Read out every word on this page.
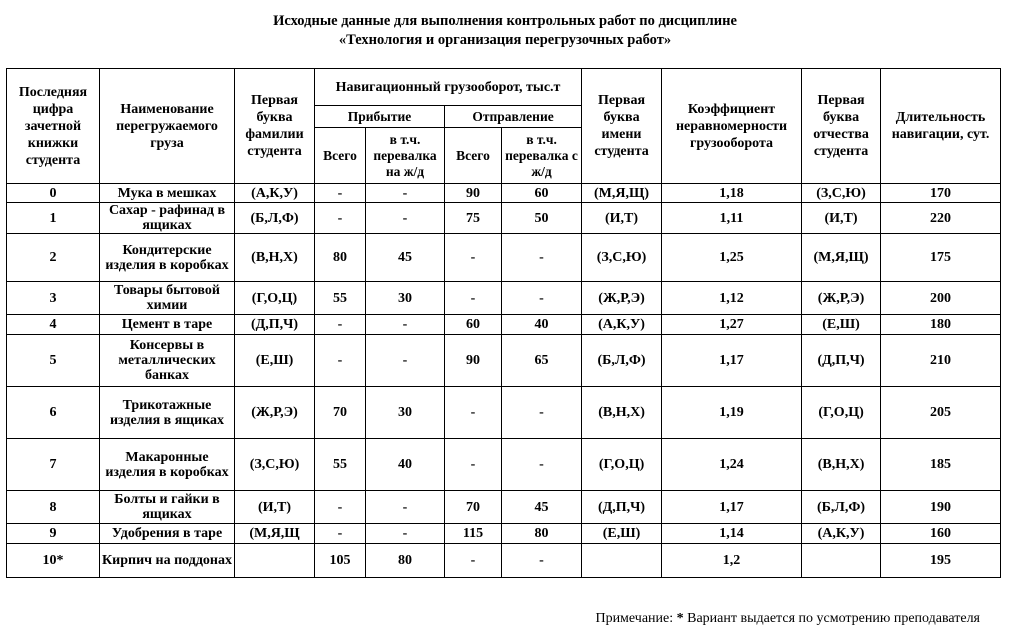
Исходные данные для выполнения контрольных работ по дисциплине
«Технология и организация перегрузочных работ»
Последняя цифра зачетной книжки студента	Наименование перегружаемого груза	Первая буква фамилии студента	Навигационный грузооборот, тыс.т				Первая буква имени студента	Коэффициент неравномерности грузооборота	Первая буква отчества студента	Длительность навигации, сут.
			Прибытие		Отправление					
			Всего	в т.ч. перевалка на ж/д	Всего	в т.ч. перевалка с ж/д				
0	Мука в мешках	(А,К,У)	-	-	90	60	(М,Я,Щ)	1,18	(З,С,Ю)	170
1	Сахар - рафинад в ящиках	(Б,Л,Ф)	-	-	75	50	(И,Т)	1,11	(И,Т)	220
2	Кондитерские изделия в коробках	(В,Н,Х)	80	45	-	-	(З,С,Ю)	1,25	(М,Я,Щ)	175
3	Товары бытовой химии	(Г,О,Ц)	55	30	-	-	(Ж,Р,Э)	1,12	(Ж,Р,Э)	200
4	Цемент в таре	(Д,П,Ч)	-	-	60	40	(А,К,У)	1,27	(Е,Ш)	180
5	Консервы в металлических банках	(Е,Ш)	-	-	90	65	(Б,Л,Ф)	1,17	(Д,П,Ч)	210
6	Трикотажные изделия в ящиках	(Ж,Р,Э)	70	30	-	-	(В,Н,Х)	1,19	(Г,О,Ц)	205
7	Макаронные изделия в коробках	(З,С,Ю)	55	40	-	-	(Г,О,Ц)	1,24	(В,Н,Х)	185
8	Болты и гайки в ящиках	(И,Т)	-	-	70	45	(Д,П,Ч)	1,17	(Б,Л,Ф)	190
9	Удобрения в таре	(М,Я,Щ	-	-	115	80	(Е,Ш)	1,14	(А,К,У)	160
10*	Кирпич на поддонах		105	80	-	-		1,2		195
Примечание: * Вариант выдается по усмотрению преподавателя
